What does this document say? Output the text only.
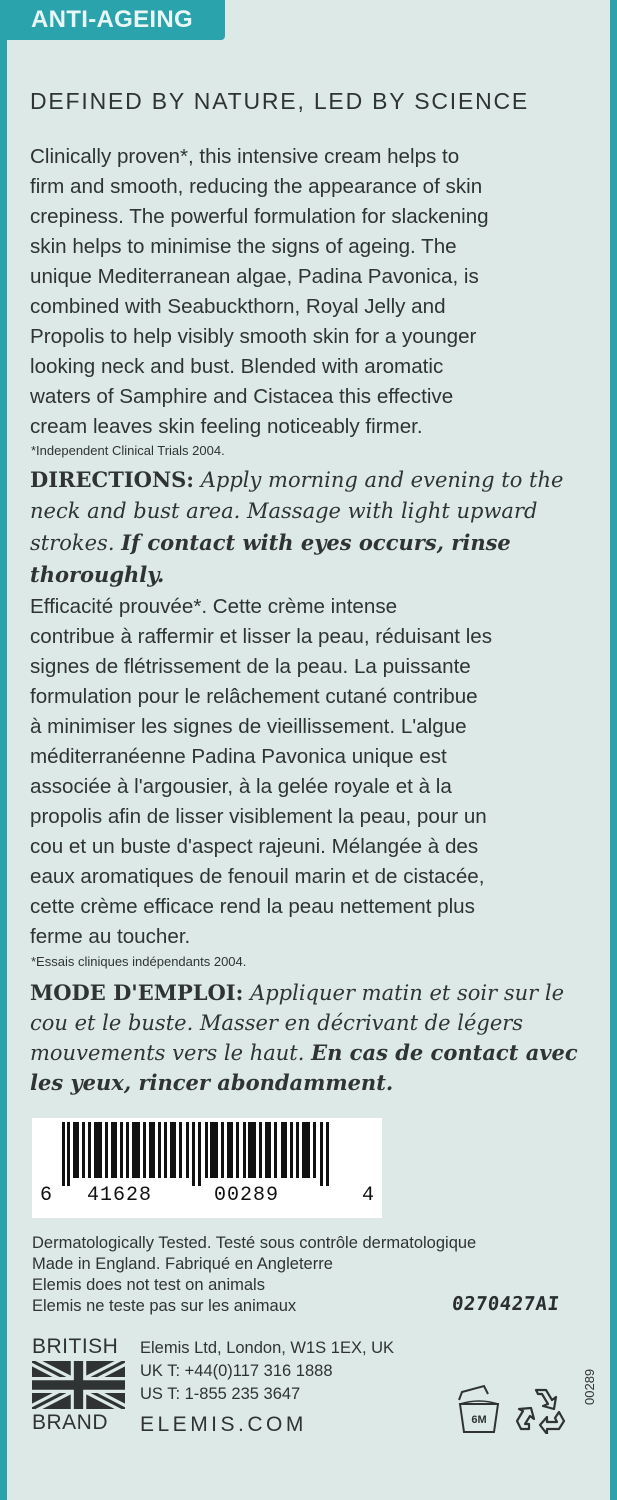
ANTI-AGEING
DEFINED BY NATURE, LED BY SCIENCE
Clinically proven*, this intensive cream helps to
firm and smooth, reducing the appearance of skin
crepiness. The powerful formulation for slackening
skin helps to minimise the signs of ageing. The
unique Mediterranean algae, Padina Pavonica, is
combined with Seabuckthorn, Royal Jelly and
Propolis to help visibly smooth skin for a younger
looking neck and bust. Blended with aromatic
waters of Samphire and Cistacea this effective
cream leaves skin feeling noticeably firmer.
*Independent Clinical Trials 2004.
DIRECTIONS: Apply morning and evening to the neck and bust area. Massage with light upward strokes. If contact with eyes occurs, rinse thoroughly.
Efficacité prouvée*. Cette crème intense
contribue à raffermir et lisser la peau, réduisant les
signes de flétrissement de la peau. La puissante
formulation pour le relâchement cutané contribue
à minimiser les signes de vieillissement. L'algue
méditerranéenne Padina Pavonica unique est
associée à l'argousier, à la gelée royale et à la
propolis afin de lisser visiblement la peau, pour un
cou et un buste d'aspect rajeuni. Mélangée à des
eaux aromatiques de fenouil marin et de cistacée,
cette crème efficace rend la peau nettement plus
ferme au toucher.
*Essais cliniques indépendants 2004.
MODE D'EMPLOI: Appliquer matin et soir sur le cou et le buste. Masser en décrivant de légers mouvements vers le haut. En cas de contact avec les yeux, rincer abondamment.
6 41628	00289	4
Dermatologically Tested. Testé sous contrôle dermatologique
Made in England. Fabriqué en Angleterre
Elemis does not test on animals
Elemis ne teste pas sur les animaux	0270427AI
BRITISH
BRAND
Elemis Ltd, London, W1S 1EX, UK
UK T: +44(0)117 316 1888
US T: 1-855 235 3647
ELEMIS.COM	6M
00289
